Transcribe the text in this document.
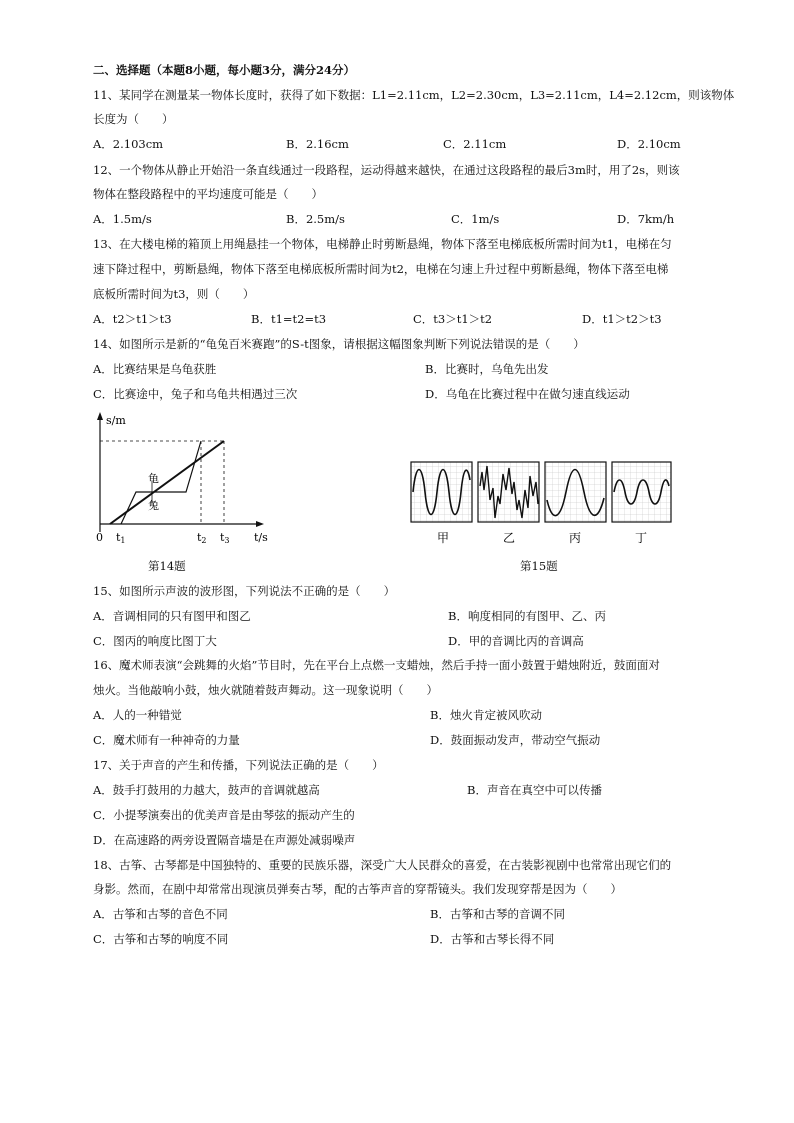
二、选择题（本题8小题，每小题3分，满分24分）
11、某同学在测量某一物体长度时，获得了如下数据：L1=2.11cm，L2=2.30cm，L3=2.11cm，L4=2.12cm，则该物体
长度为（　　）
A．2.103cm	B．2.16cm	C．2.11cm	D．2.10cm
12、一个物体从静止开始沿一条直线通过一段路程，运动得越来越快，在通过这段路程的最后3m时，用了2s，则该
物体在整段路程中的平均速度可能是（　　）
A．1.5m/s	B．2.5m/s	C．1m/s	D．7km/h
13、在大楼电梯的箱顶上用绳悬挂一个物体，电梯静止时剪断悬绳，物体下落至电梯底板所需时间为t1，电梯在匀
速下降过程中，剪断悬绳，物体下落至电梯底板所需时间为t2，电梯在匀速上升过程中剪断悬绳，物体下落至电梯
底板所需时间为t3，则（　　）
A．t2＞t1＞t3	B．t1=t2=t3	C．t3＞t1＞t2	D．t1＞t2＞t3
14、如图所示是新的“龟兔百米赛跑”的S-t图象，请根据这幅图象判断下列说法错误的是（　　）
A．比赛结果是乌龟获胜	B．比赛时，乌龟先出发
C．比赛途中，兔子和乌龟共相遇过三次	D．乌龟在比赛过程中在做匀速直线运动
龟
兔
s/m
t/s
0 t1	t2 t3
第14题
甲	乙	丙	丁
第15题
15、如图所示声波的波形图，下列说法不正确的是（　　）
A．音调相同的只有图甲和图乙	B．响度相同的有图甲、乙、丙
C．图丙的响度比图丁大	D．甲的音调比丙的音调高
16、魔术师表演“会跳舞的火焰”节目时，先在平台上点燃一支蜡烛，然后手持一面小鼓置于蜡烛附近，鼓面面对
烛火。当他敲响小鼓，烛火就随着鼓声舞动。这一现象说明（　　）
A．人的一种错觉	B．烛火肯定被风吹动
C．魔术师有一种神奇的力量	D．鼓面振动发声，带动空气振动
17、关于声音的产生和传播，下列说法正确的是（　　）
A．鼓手打鼓用的力越大，鼓声的音调就越高	B．声音在真空中可以传播
C．小提琴演奏出的优美声音是由琴弦的振动产生的
D．在高速路的两旁设置隔音墙是在声源处减弱噪声
18、古筝、古琴都是中国独特的、重要的民族乐器，深受广大人民群众的喜爱，在古装影视剧中也常常出现它们的
身影。然而，在剧中却常常出现演员弹奏古琴，配的古筝声音的穿帮镜头。我们发现穿帮是因为（　　）
A．古筝和古琴的音色不同	B．古筝和古琴的音调不同
C．古筝和古琴的响度不同	D．古筝和古琴长得不同
